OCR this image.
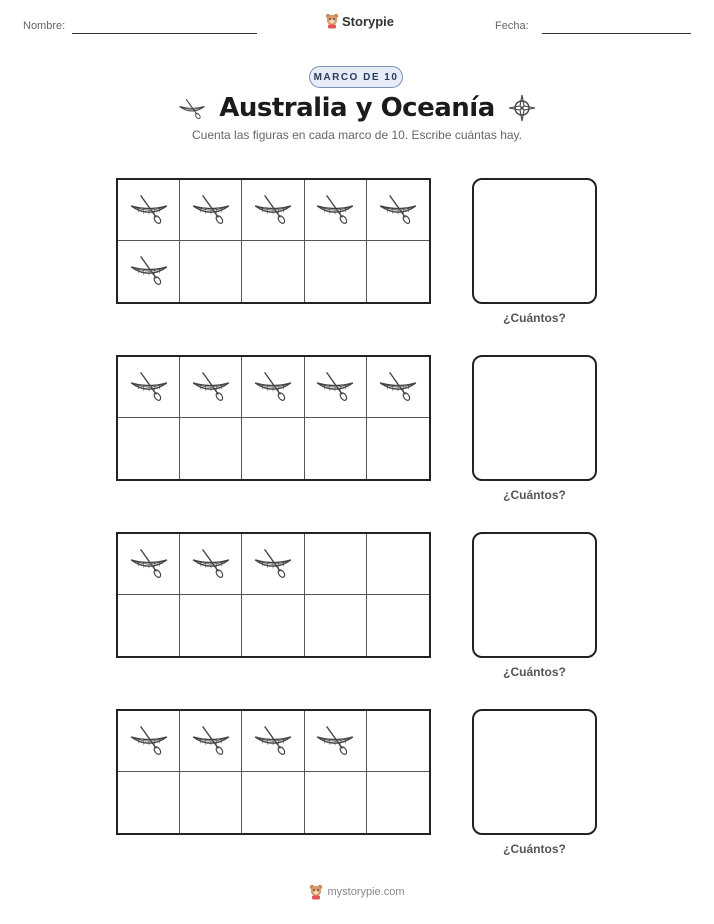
Nombre:	Storypie	Fecha:
MARCO DE 10
Australia y Oceanía
Cuenta las figuras en cada marco de 10. Escribe cuántas hay.
¿Cuántos?
¿Cuántos?
¿Cuántos?
¿Cuántos?
mystorypie.com
